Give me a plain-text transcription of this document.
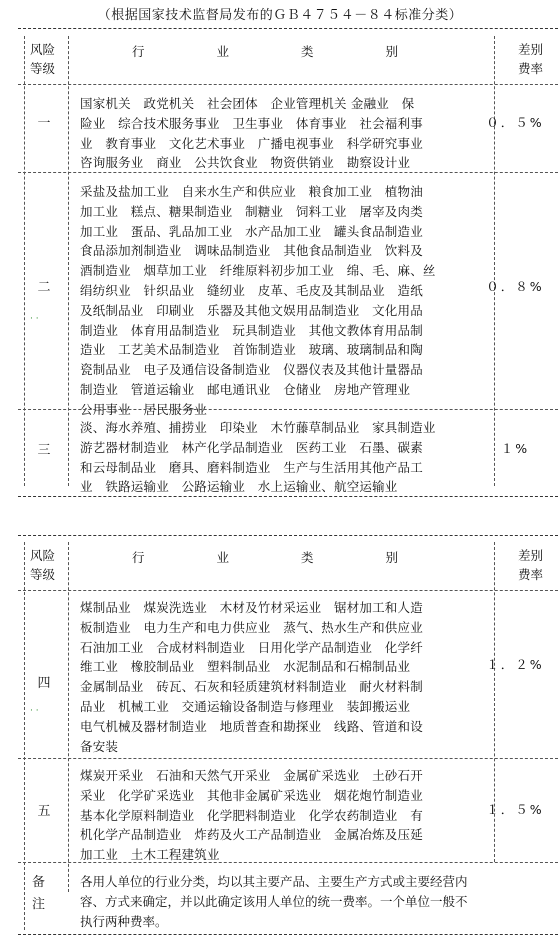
（根据国家技术监督局发布的ＧＢ４７５４－８４标准分类）
风险
等级
行 业 类 别	差别
费率
一
国家机关　政党机关　社会团体　企业管理机关 金融业　保
险业　综合技术服务事业　卫生事业　体育事业　社会福利事
业　教育事业　文化艺术事业　广播电视事业　科学研究事业
咨询服务业　商业　公共饮食业　物资供销业　勘察设计业
０．５%
二
采盐及盐加工业　自来水生产和供应业　粮食加工业　植物油
加工业　糕点、糖果制造业　制糖业　饲料工业　屠宰及肉类
加工业　蛋品、乳品加工业　水产品加工业　罐头食品制造业
食品添加剂制造业　调味品制造业　其他食品制造业　饮料及
酒制造业　烟草加工业　纤维原料初步加工业　绵、毛、麻、丝
绢纺织业　针织品业　缝纫业　皮革、毛皮及其制品业　造纸
及纸制品业　印刷业　乐器及其他文娱用品制造业　文化用品
制造业　体育用品制造业　玩具制造业　其他文教体育用品制
造业　工艺美术品制造业　首饰制造业　玻璃、玻璃制品和陶
瓷制品业　电子及通信设备制造业　仪器仪表及其他计量器品
制造业　管道运输业　邮电通讯业　仓储业　房地产管理业
公用事业　居民服务业
０．８%
· ·
三
淡、海水养殖、捕捞业　印染业　木竹藤草制品业　家具制造业
游艺器材制造业　林产化学品制造业　医药工业　石墨、碳素
和云母制品业　磨具、磨料制造业　生产与生活用其他产品工
业　铁路运输业　公路运输业　水上运输业、航空运输业
１%
风险
等级
行 业 类 别	差别
费率
四
煤制品业　煤炭洗选业　木材及竹材采运业　锯材加工和人造
板制造业　电力生产和电力供应业　蒸气、热水生产和供应业
石油加工业　合成材料制造业　日用化学产品制造业　化学纤
维工业　橡胶制品业　塑料制品业　水泥制品和石棉制品业
金属制品业　砖瓦、石灰和轻质建筑材料制造业　耐火材料制
品业　机械工业　交通运输设备制造与修理业　装卸搬运业
电气机械及器材制造业　地质普查和勘探业　线路、管道和设
备安装
１．２%
· ·
五
煤炭开采业　石油和天然气开采业　金属矿采选业　土砂石开
采业　化学矿采选业　其他非金属矿采选业　烟花炮竹制造业
基本化学原料制造业　化学肥料制造业　化学农药制造业　有
机化学产品制造业　炸药及火工产品制造业　金属冶炼及压延
加工业　土木工程建筑业
１．５%
备
注
各用人单位的行业分类，均以其主要产品、主要生产方式或主要经营内
容、方式来确定，并以此确定该用人单位的统一费率。一个单位一般不
执行两种费率。
